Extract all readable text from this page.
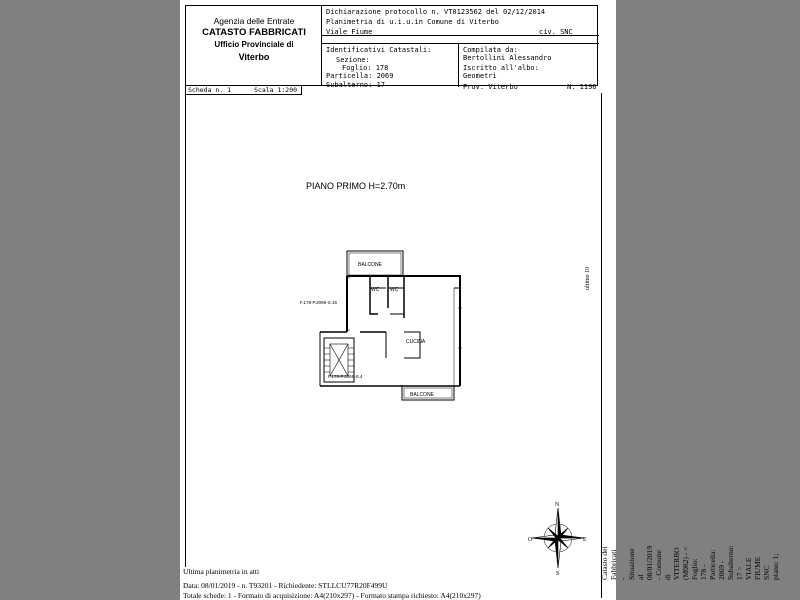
Agenzia delle Entrate
CATASTO FABBRICATI
Ufficio Provinciale di
Viterbo
Dichiarazione protocollo n. VT0123562 del 02/12/2014
Planimetria di u.i.u.in Comune di Viterbo
Viale Fiume	civ. SNC
Identificativi Catastali:
Sezione:
Foglio: 178
Particella: 2069
Subalterno: 17
Compilata da:
Bertollini Alessandro
Iscritto all'albo:
Geometri
Prov. Viterbo	N. 1196
Scheda n. 1	Scala 1:200
PIANO PRIMO H=2.70m
BALCONE
WC WC
CUCINA
BALCONE
F.178-P.2069-S.16
F.178-P.2069-S.4
N
S
E
O
ultimo 10
Catasto dei Fabbricati - Situazione al 08/01/2019 - Comune di VITERBO (M082) - < Foglio: 178 - Particella: 2069 - Subalterno: 17 > VIALE FIUME SNC piano: 1;
Ultima planimetria in atti
Data: 08/01/2019 - n. T93201 - Richiedente: STLLCU77R20F499U
Totale schede: 1 - Formato di acquisizione: A4(210x297) - Formato stampa richiesto: A4(210x297)
